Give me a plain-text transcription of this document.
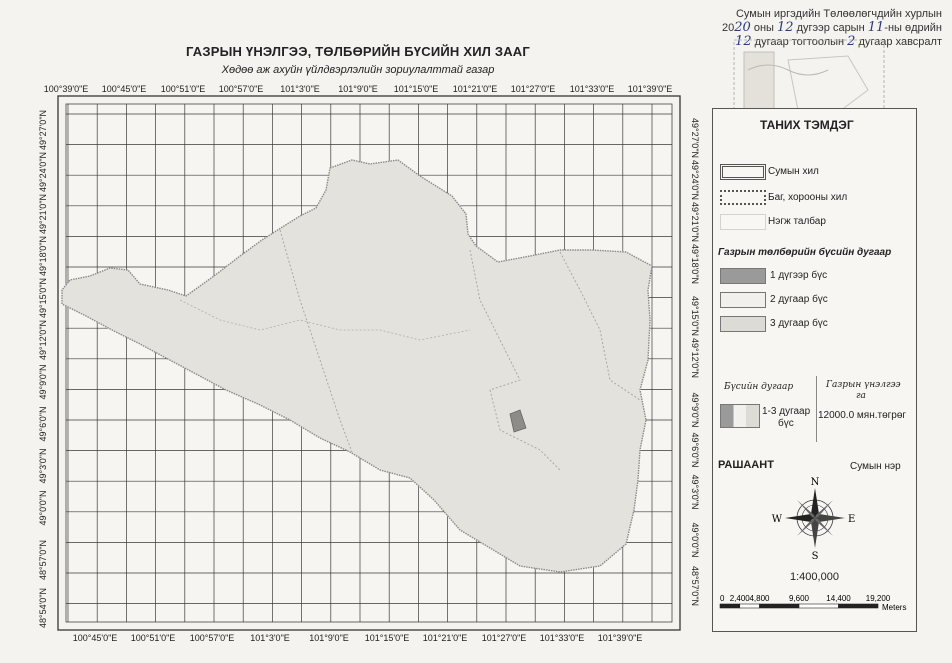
Сумын иргэдийн Төлөөлөгчдийн хурлын
2020 оны 12 дугээр сарын 11-ны өдрийн
12 дугаар тогтоолын 2 дугаар хавсралт
ГАЗРЫН ҮНЭЛГЭЭ, ТӨЛБӨРИЙН БҮСИЙН ХИЛ ЗААГ
Хөдөө аж ахуйн үйлдвэрлэлийн зориулалттай газар
100°39'0"E 100°45'0"E 100°51'0"E 100°57'0"E 101°3'0"E 101°9'0"E 101°15'0"E 101°21'0"E 101°27'0"E 101°33'0"E 101°39'0"E
100°45'0"E 100°51'0"E 100°57'0"E 101°3'0"E 101°9'0"E 101°15'0"E 101°21'0"E 101°27'0"E 101°33'0"E 101°39'0"E
49°27'0"N
49°24'0"N
49°21'0"N
49°18'0"N
49°15'0"N
49°12'0"N
49°9'0"N
49°6'0"N
49°3'0"N
49°0'0"N
48°57'0"N
48°54'0"N
49°27'0"N
49°24'0"N
49°21'0"N
49°18'0"N
49°15'0"N
49°12'0"N
49°9'0"N
49°6'0"N
49°3'0"N
49°0'0"N
48°57'0"N
ТАНИХ ТЭМДЭГ
Сумын хил
Баг, хорооны хил
Нэгж талбар
Газрын төлбөрийн бүсийн дугаар
1 дүгээр бүс
2 дугаар бүс
3 дугаар бүс
Бүсийн дугаар	Газрын үнэлгээ
га
1-3 дугаар
бүс
12000.0 мян.төгрөг
РАШААНТ	Сумын нэр
N
S
E
W
1:400,000
0 2,400 4,800 9,600 14,400 19,200
Meters
